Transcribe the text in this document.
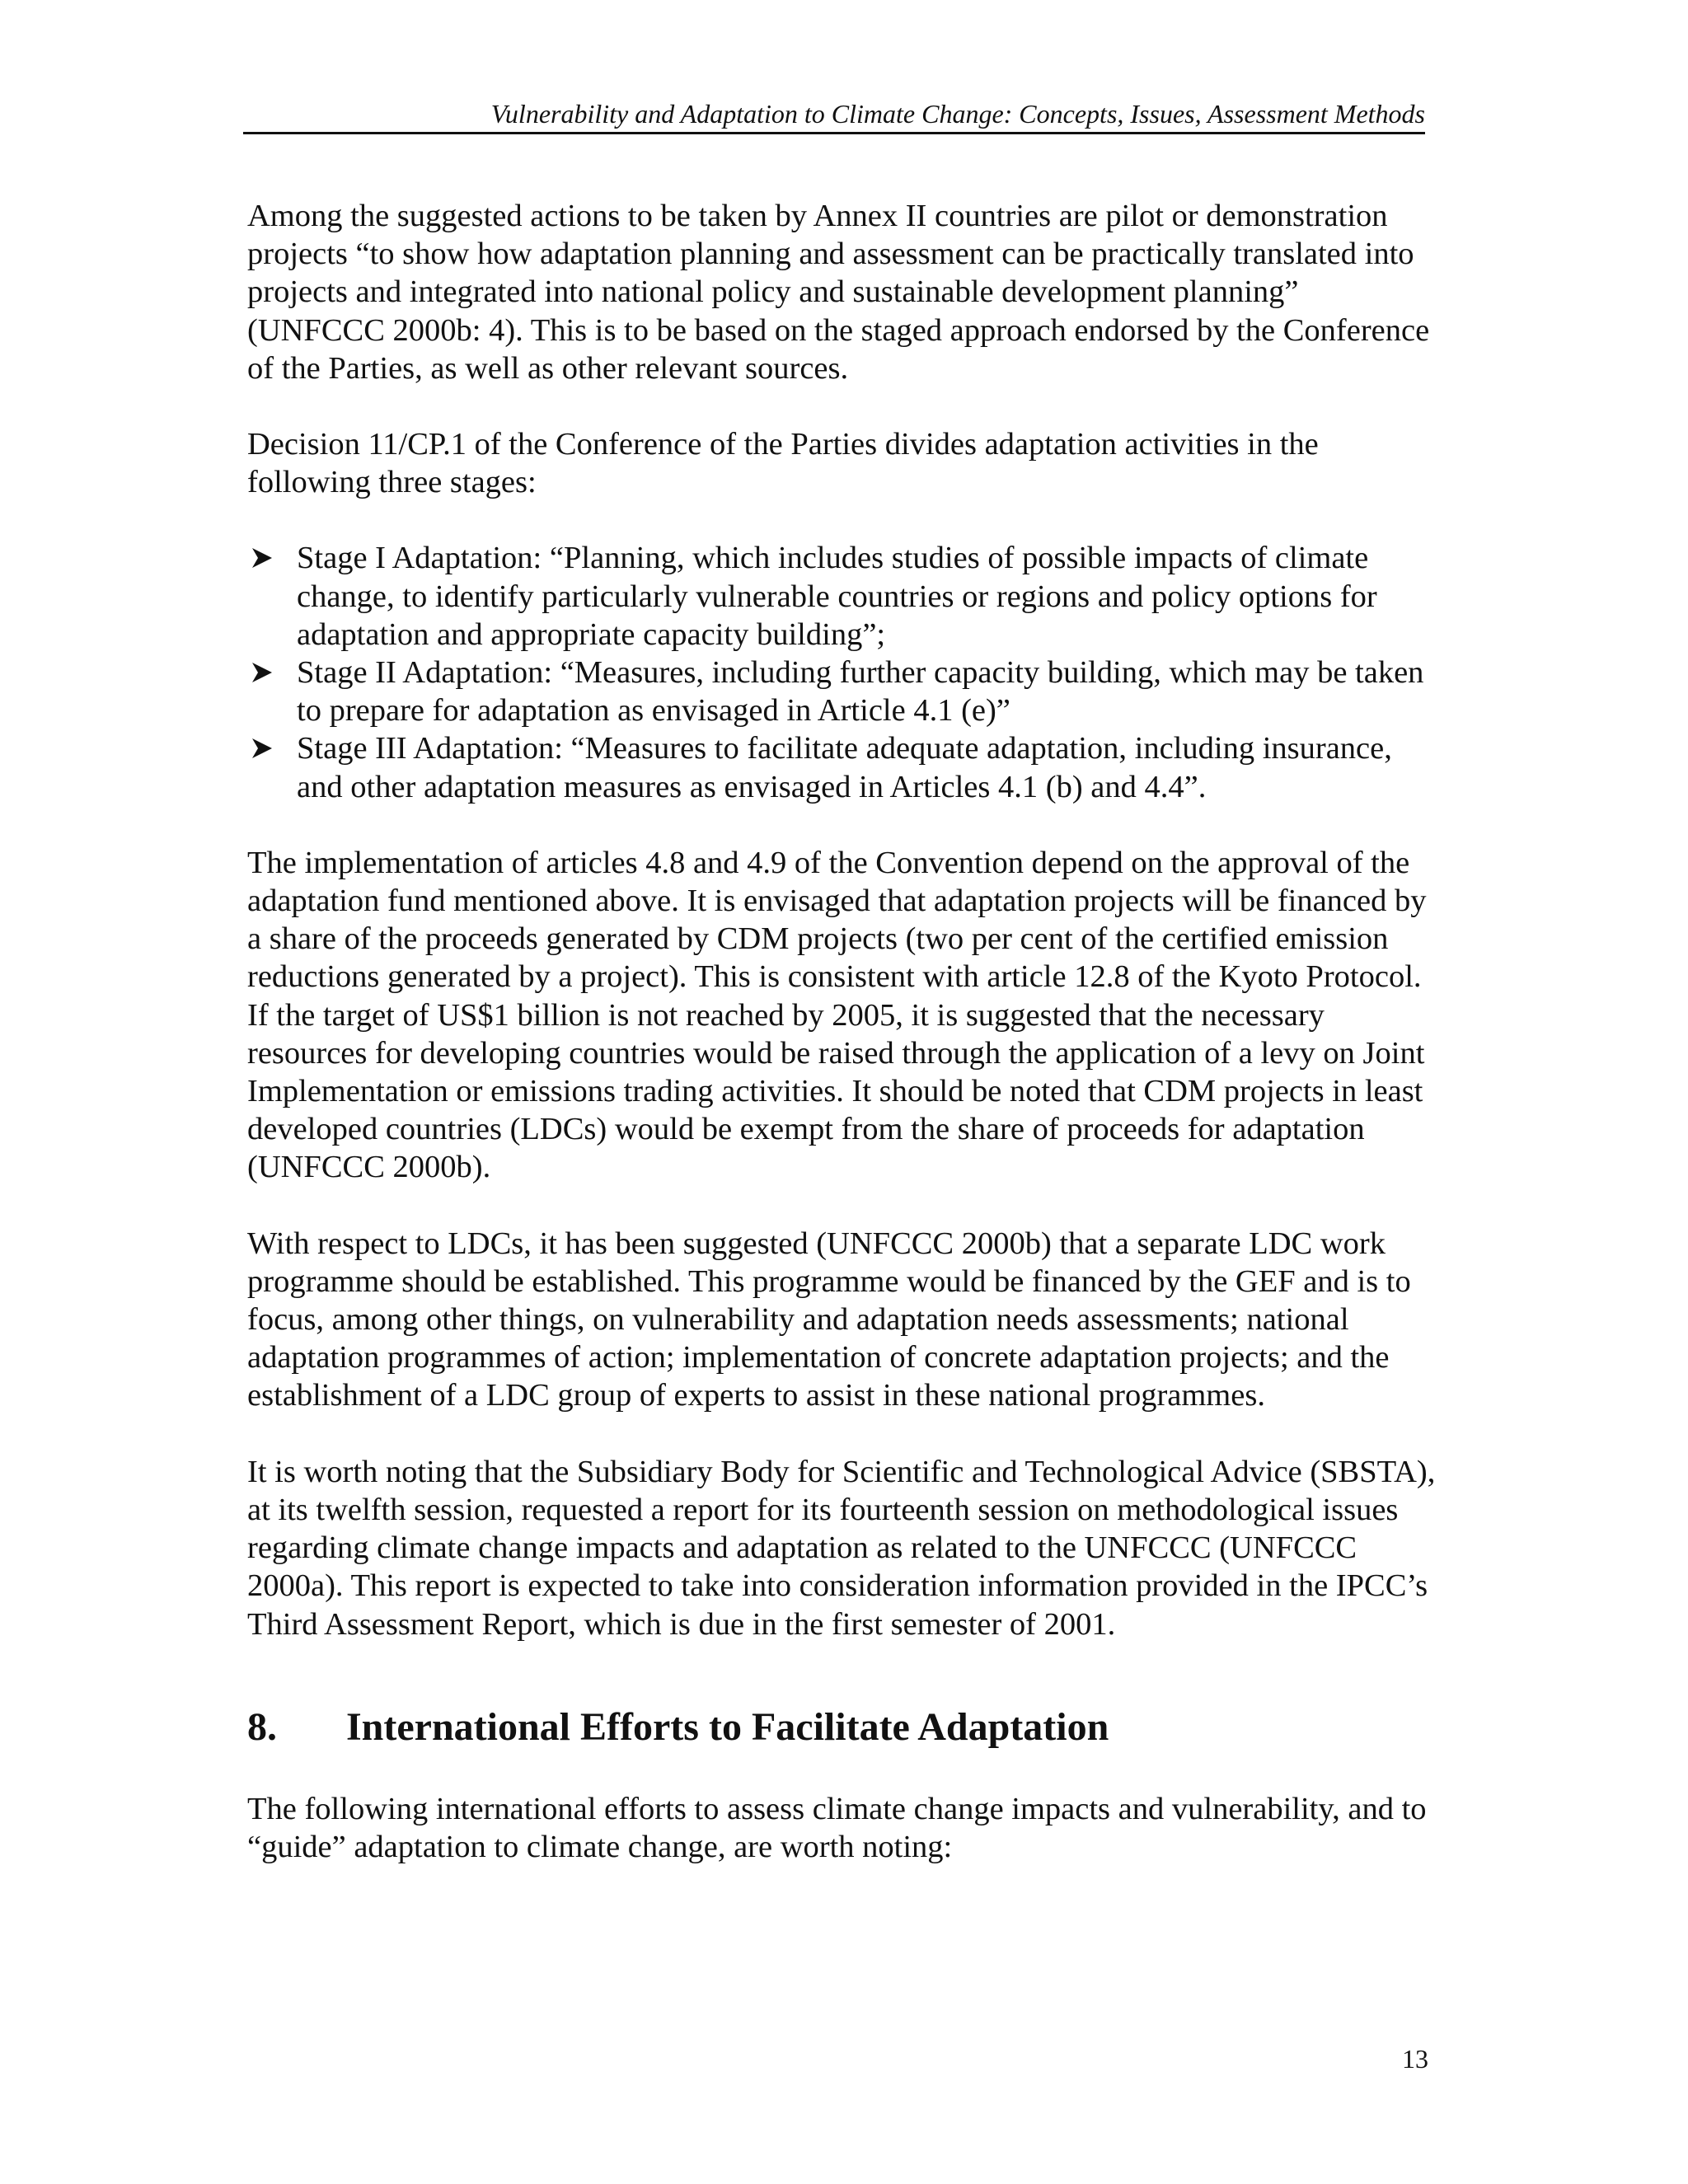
Vulnerability and Adaptation to Climate Change: Concepts, Issues, Assessment Methods

Among the suggested actions to be taken by Annex II countries are pilot or demonstration projects “to show how adaptation planning and assessment can be practically translated into projects and integrated into national policy and sustainable development planning” (UNFCCC 2000b: 4). This is to be based on the staged approach endorsed by the Conference of the Parties, as well as other relevant sources.

Decision 11/CP.1 of the Conference of the Parties divides adaptation activities in the following three stages:

Stage I Adaptation: “Planning, which includes studies of possible impacts of climate change, to identify particularly vulnerable countries or regions and policy options for adaptation and appropriate capacity building”;
Stage II Adaptation: “Measures, including further capacity building, which may be taken to prepare for adaptation as envisaged in Article 4.1 (e)”
Stage III Adaptation: “Measures to facilitate adequate adaptation, including insurance, and other adaptation measures as envisaged in Articles 4.1 (b) and 4.4”.

The implementation of articles 4.8 and 4.9 of the Convention depend on the approval of the adaptation fund mentioned above. It is envisaged that adaptation projects will be financed by a share of the proceeds generated by CDM projects (two per cent of the certified emission reductions generated by a project). This is consistent with article 12.8 of the Kyoto Protocol. If the target of US$1 billion is not reached by 2005, it is suggested that the necessary resources for developing countries would be raised through the application of a levy on Joint Implementation or emissions trading activities. It should be noted that CDM projects in least developed countries (LDCs) would be exempt from the share of proceeds for adaptation (UNFCCC 2000b).

With respect to LDCs, it has been suggested (UNFCCC 2000b) that a separate LDC work programme should be established. This programme would be financed by the GEF and is to focus, among other things, on vulnerability and adaptation needs assessments; national adaptation programmes of action; implementation of concrete adaptation projects; and the establishment of a LDC group of experts to assist in these national programmes.

It is worth noting that the Subsidiary Body for Scientific and Technological Advice (SBSTA), at its twelfth session, requested a report for its fourteenth session on methodological issues regarding climate change impacts and adaptation as related to the UNFCCC (UNFCCC 2000a). This report is expected to take into consideration information provided in the IPCC’s Third Assessment Report, which is due in the first semester of 2001.

8. International Efforts to Facilitate Adaptation

The following international efforts to assess climate change impacts and vulnerability, and to “guide” adaptation to climate change, are worth noting:

13
